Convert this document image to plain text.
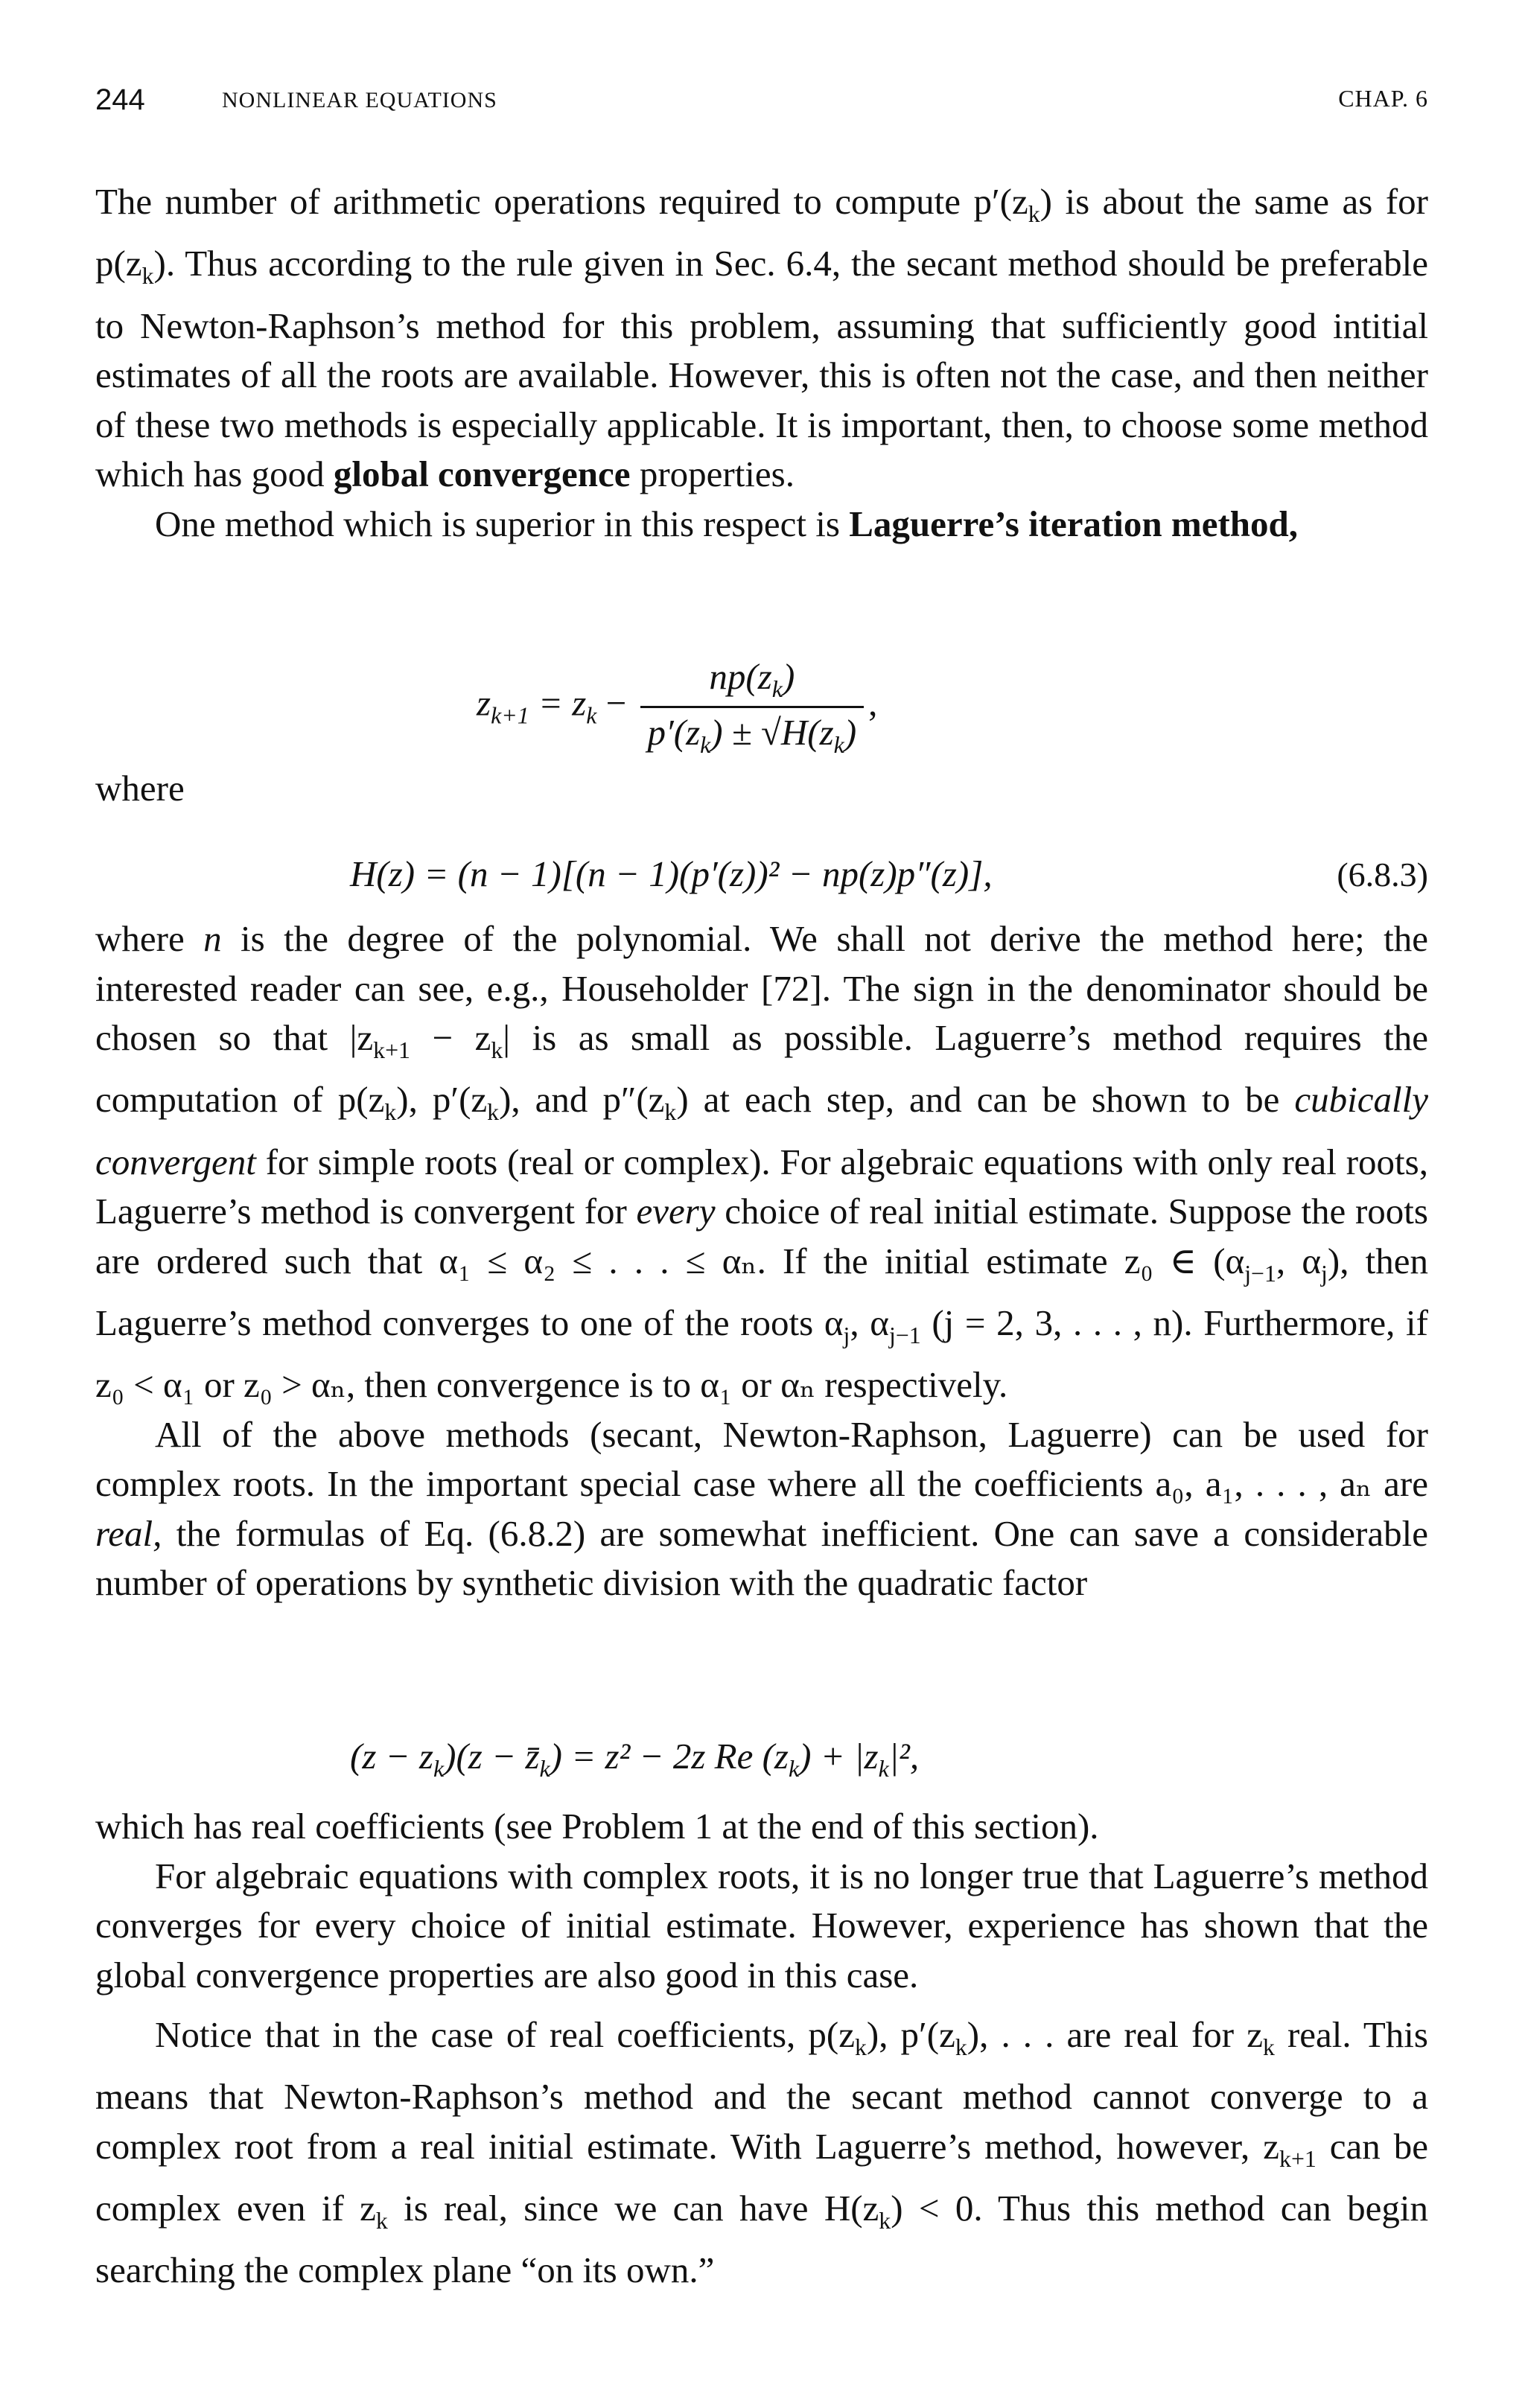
244	NONLINEAR EQUATIONS	CHAP. 6

The number of arithmetic operations required to compute $p'(z_k)$ is about the same as for $p(z_k)$. Thus according to the rule given in Sec. 6.4, the secant method should be preferable to Newton-Raphson’s method for this problem, assuming that sufficiently good intitial estimates of all the roots are available. However, this is often not the case, and then neither of these two methods is especially applicable. It is important, then, to choose some method which has good global convergence properties.

One method which is superior in this respect is Laguerre’s iteration method,

$z_{k+1} = z_k - \frac{np(z_k)}{p'(z_k) \pm √H(z_k)}$ ,
where
H(z) = (n − 1)[(n − 1)(p′(z))² − np(z)p″(z)],	(6.8.3)

where n is the degree of the polynomial. We shall not derive the method here; the interested reader can see, e.g., Householder [72]. The sign in the denominator should be chosen so that $|z_{k+1} - z_k|$ is as small as possible. Laguerre’s method requires the computation of $p(z_k)$, $p'(z_k)$, and $p''(z_k)$ at each step, and can be shown to be cubically convergent for simple roots (real or complex). For algebraic equations with only real roots, Laguerre’s method is convergent for every choice of real initial estimate. Suppose the roots are ordered such that α₁ ≤ α₂ ≤ . . . ≤ αₙ. If the initial estimate z₀ ∈ ($\alpha_{j-1}$, $\alpha_j$), then Laguerre’s method converges to one of the roots $\alpha_j$, $\alpha_{j-1}$ (j = 2, 3, . . . , n). Furthermore, if z₀ < α₁ or z₀ > αₙ, then convergence is to α₁ or αₙ respectively.

All of the above methods (secant, Newton-Raphson, Laguerre) can be used for complex roots. In the important special case where all the coefficients a₀, a₁, . . . , aₙ are real, the formulas of Eq. (6.8.2) are somewhat inefficient. One can save a considerable number of operations by synthetic division with the quadratic factor

$(z - z_k)(z$ − $z̄_k) = z^2 - 2z$ Re $(z_k) + |z_k|^2$,

which has real coefficients (see Problem 1 at the end of this section).

For algebraic equations with complex roots, it is no longer true that Laguerre’s method converges for every choice of initial estimate. However, experience has shown that the global convergence properties are also good in this case.

Notice that in the case of real coefficients, $p(z_k)$, $p'(z_k)$, . . . are real for $z_k$ real. This means that Newton-Raphson’s method and the secant method cannot converge to a complex root from a real initial estimate. With Laguerre’s method, however, $z_{k+1}$ can be complex even if $z_k$ is real, since we can have $H(z_k) < 0$. Thus this method can begin searching the complex plane “on its own.”
